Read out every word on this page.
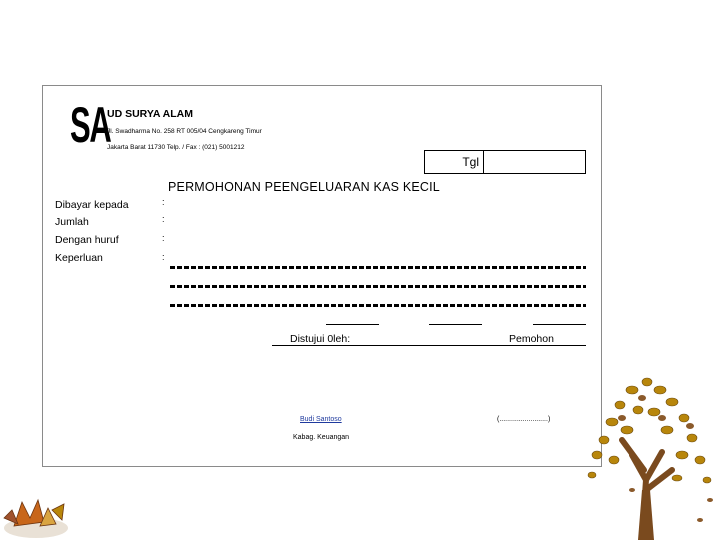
SA
UD SURYA ALAM
Jl. Swadharma No. 258 RT 005/04 Cengkareng Timur
Jakarta Barat 11730 Telp. / Fax : (021) 5001212
Tgl
PERMOHONAN PEENGELUARAN KAS KECIL
Dibayar kepada	:
Jumlah	:
Dengan huruf	:
Keperluan	:
Distujui 0leh:	Pemohon
Budi Santoso
Kabag. Keuangan
(.........................)
